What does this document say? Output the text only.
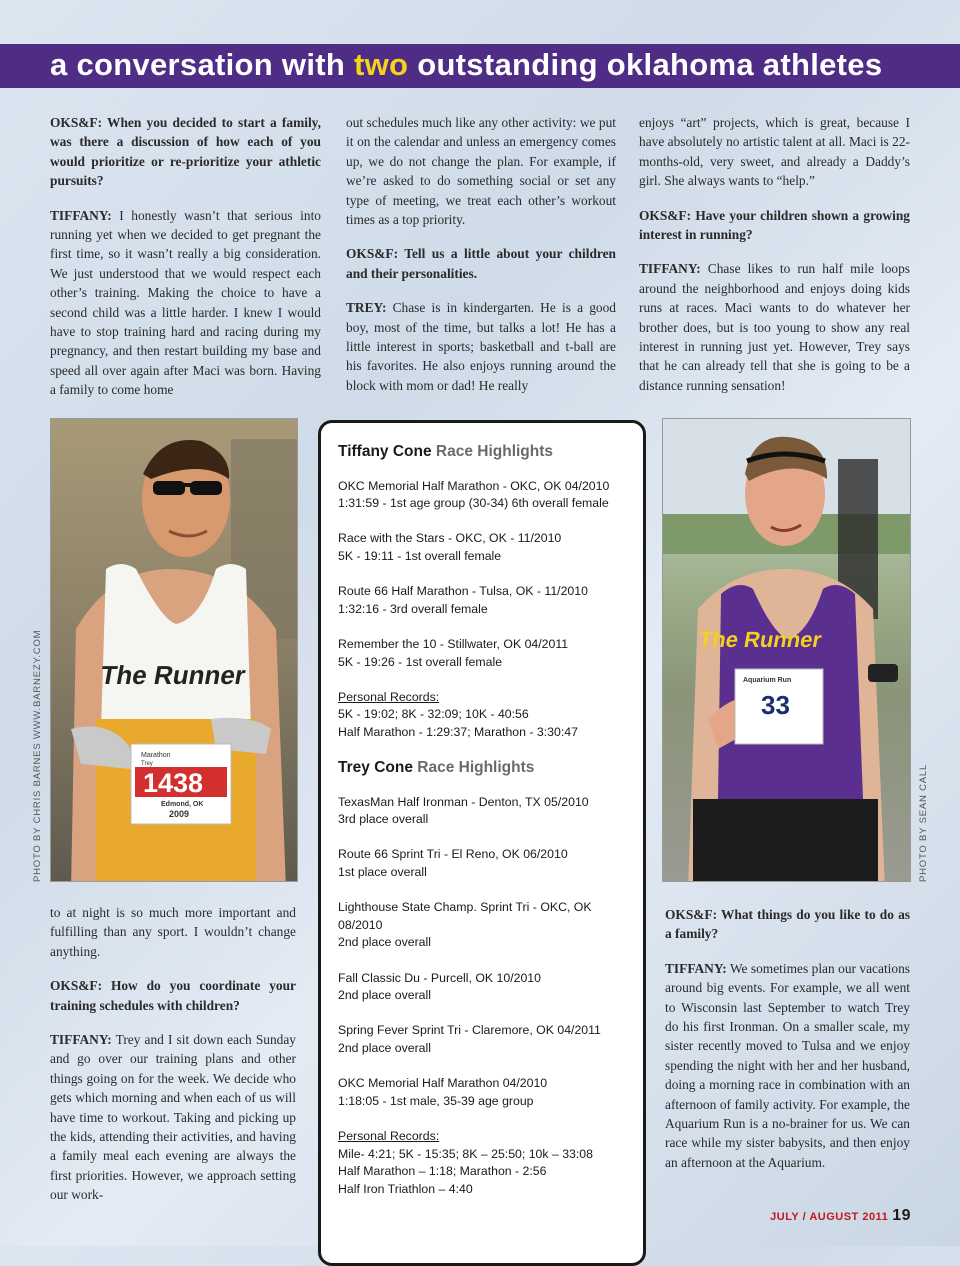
a conversation with two outstanding oklahoma athletes

OKS&F: When you decided to start a family, was there a discussion of how each of you would prioritize or re-prioritize your athletic pursuits?

TIFFANY: I honestly wasn’t that serious into running yet when we decided to get pregnant the first time, so it wasn’t really a big consideration. We just understood that we would respect each other’s training. Making the choice to have a second child was a little harder. I knew I would have to stop training hard and racing during my pregnancy, and then restart building my base and speed all over again after Maci was born. Having a family to come home

out schedules much like any other activity: we put it on the calendar and unless an emergency comes up, we do not change the plan. For example, if we’re asked to do something social or set any type of meeting, we treat each other’s workout times as a top priority.

OKS&F: Tell us a little about your children and their personalities.

TREY: Chase is in kindergarten. He is a good boy, most of the time, but talks a lot! He has a little interest in sports; basketball and t-ball are his favorites. He also enjoys running around the block with mom or dad! He really

enjoys “art” projects, which is great, because I have absolutely no artistic talent at all. Maci is 22-months-old, very sweet, and already a Daddy’s girl. She always wants to “help.”

OKS&F: Have your children shown a growing interest in running?

TIFFANY: Chase likes to run half mile loops around the neighborhood and enjoys doing kids runs at races. Maci wants to do whatever her brother does, but is too young to show any real interest in running just yet. However, Trey says that he can already tell that she is going to be a distance running sensation!

The Runner
Marathon
Trey
1438
Edmond, OK
2009
PHOTO BY CHRIS BARNES WWW.BARNEZY.COM
Tiffany Cone Race Highlights
OKC Memorial Half Marathon - OKC, OK 04/2010
1:31:59 - 1st age group (30-34) 6th overall female
Race with the Stars - OKC, OK - 11/2010
5K - 19:11 - 1st overall female
Route 66 Half Marathon - Tulsa, OK - 11/2010
1:32:16 - 3rd overall female
Remember the 10 - Stillwater, OK 04/2011
5K - 19:26 - 1st overall female
Personal Records:
5K - 19:02; 8K - 32:09; 10K - 40:56
Half Marathon - 1:29:37; Marathon - 3:30:47
Trey Cone Race Highlights
TexasMan Half Ironman - Denton, TX 05/2010
3rd place overall
Route 66 Sprint Tri - El Reno, OK 06/2010
1st place overall
Lighthouse State Champ. Sprint Tri - OKC, OK
08/2010
2nd place overall
Fall Classic Du - Purcell, OK 10/2010
2nd place overall
Spring Fever Sprint Tri - Claremore, OK 04/2011
2nd place overall
OKC Memorial Half Marathon 04/2010
1:18:05 - 1st male, 35-39 age group
Personal Records:
Mile- 4:21; 5K - 15:35; 8K – 25:50; 10k – 33:08
Half Marathon – 1:18; Marathon - 2:56
Half Iron Triathlon – 4:40
The Runner
Aquarium Run
33
PHOTO BY SEAN CALL

to at night is so much more important and fulfilling than any sport. I wouldn’t change anything.

OKS&F: How do you coordinate your training schedules with children?

TIFFANY: Trey and I sit down each Sunday and go over our training plans and other things going on for the week. We decide who gets which morning and when each of us will have time to workout. Taking and picking up the kids, attending their activities, and having a family meal each evening are always the first priorities. However, we approach setting our work-

OKS&F: What things do you like to do as a family?

TIFFANY: We sometimes plan our vacations around big events. For example, we all went to Wisconsin last September to watch Trey do his first Ironman. On a smaller scale, my sister recently moved to Tulsa and we enjoy spending the night with her and her husband, doing a morning race in combination with an afternoon of family activity. For example, the Aquarium Run is a no-brainer for us. We can race while my sister babysits, and then enjoy an afternoon at the Aquarium.

JULY / AUGUST 2011 19
